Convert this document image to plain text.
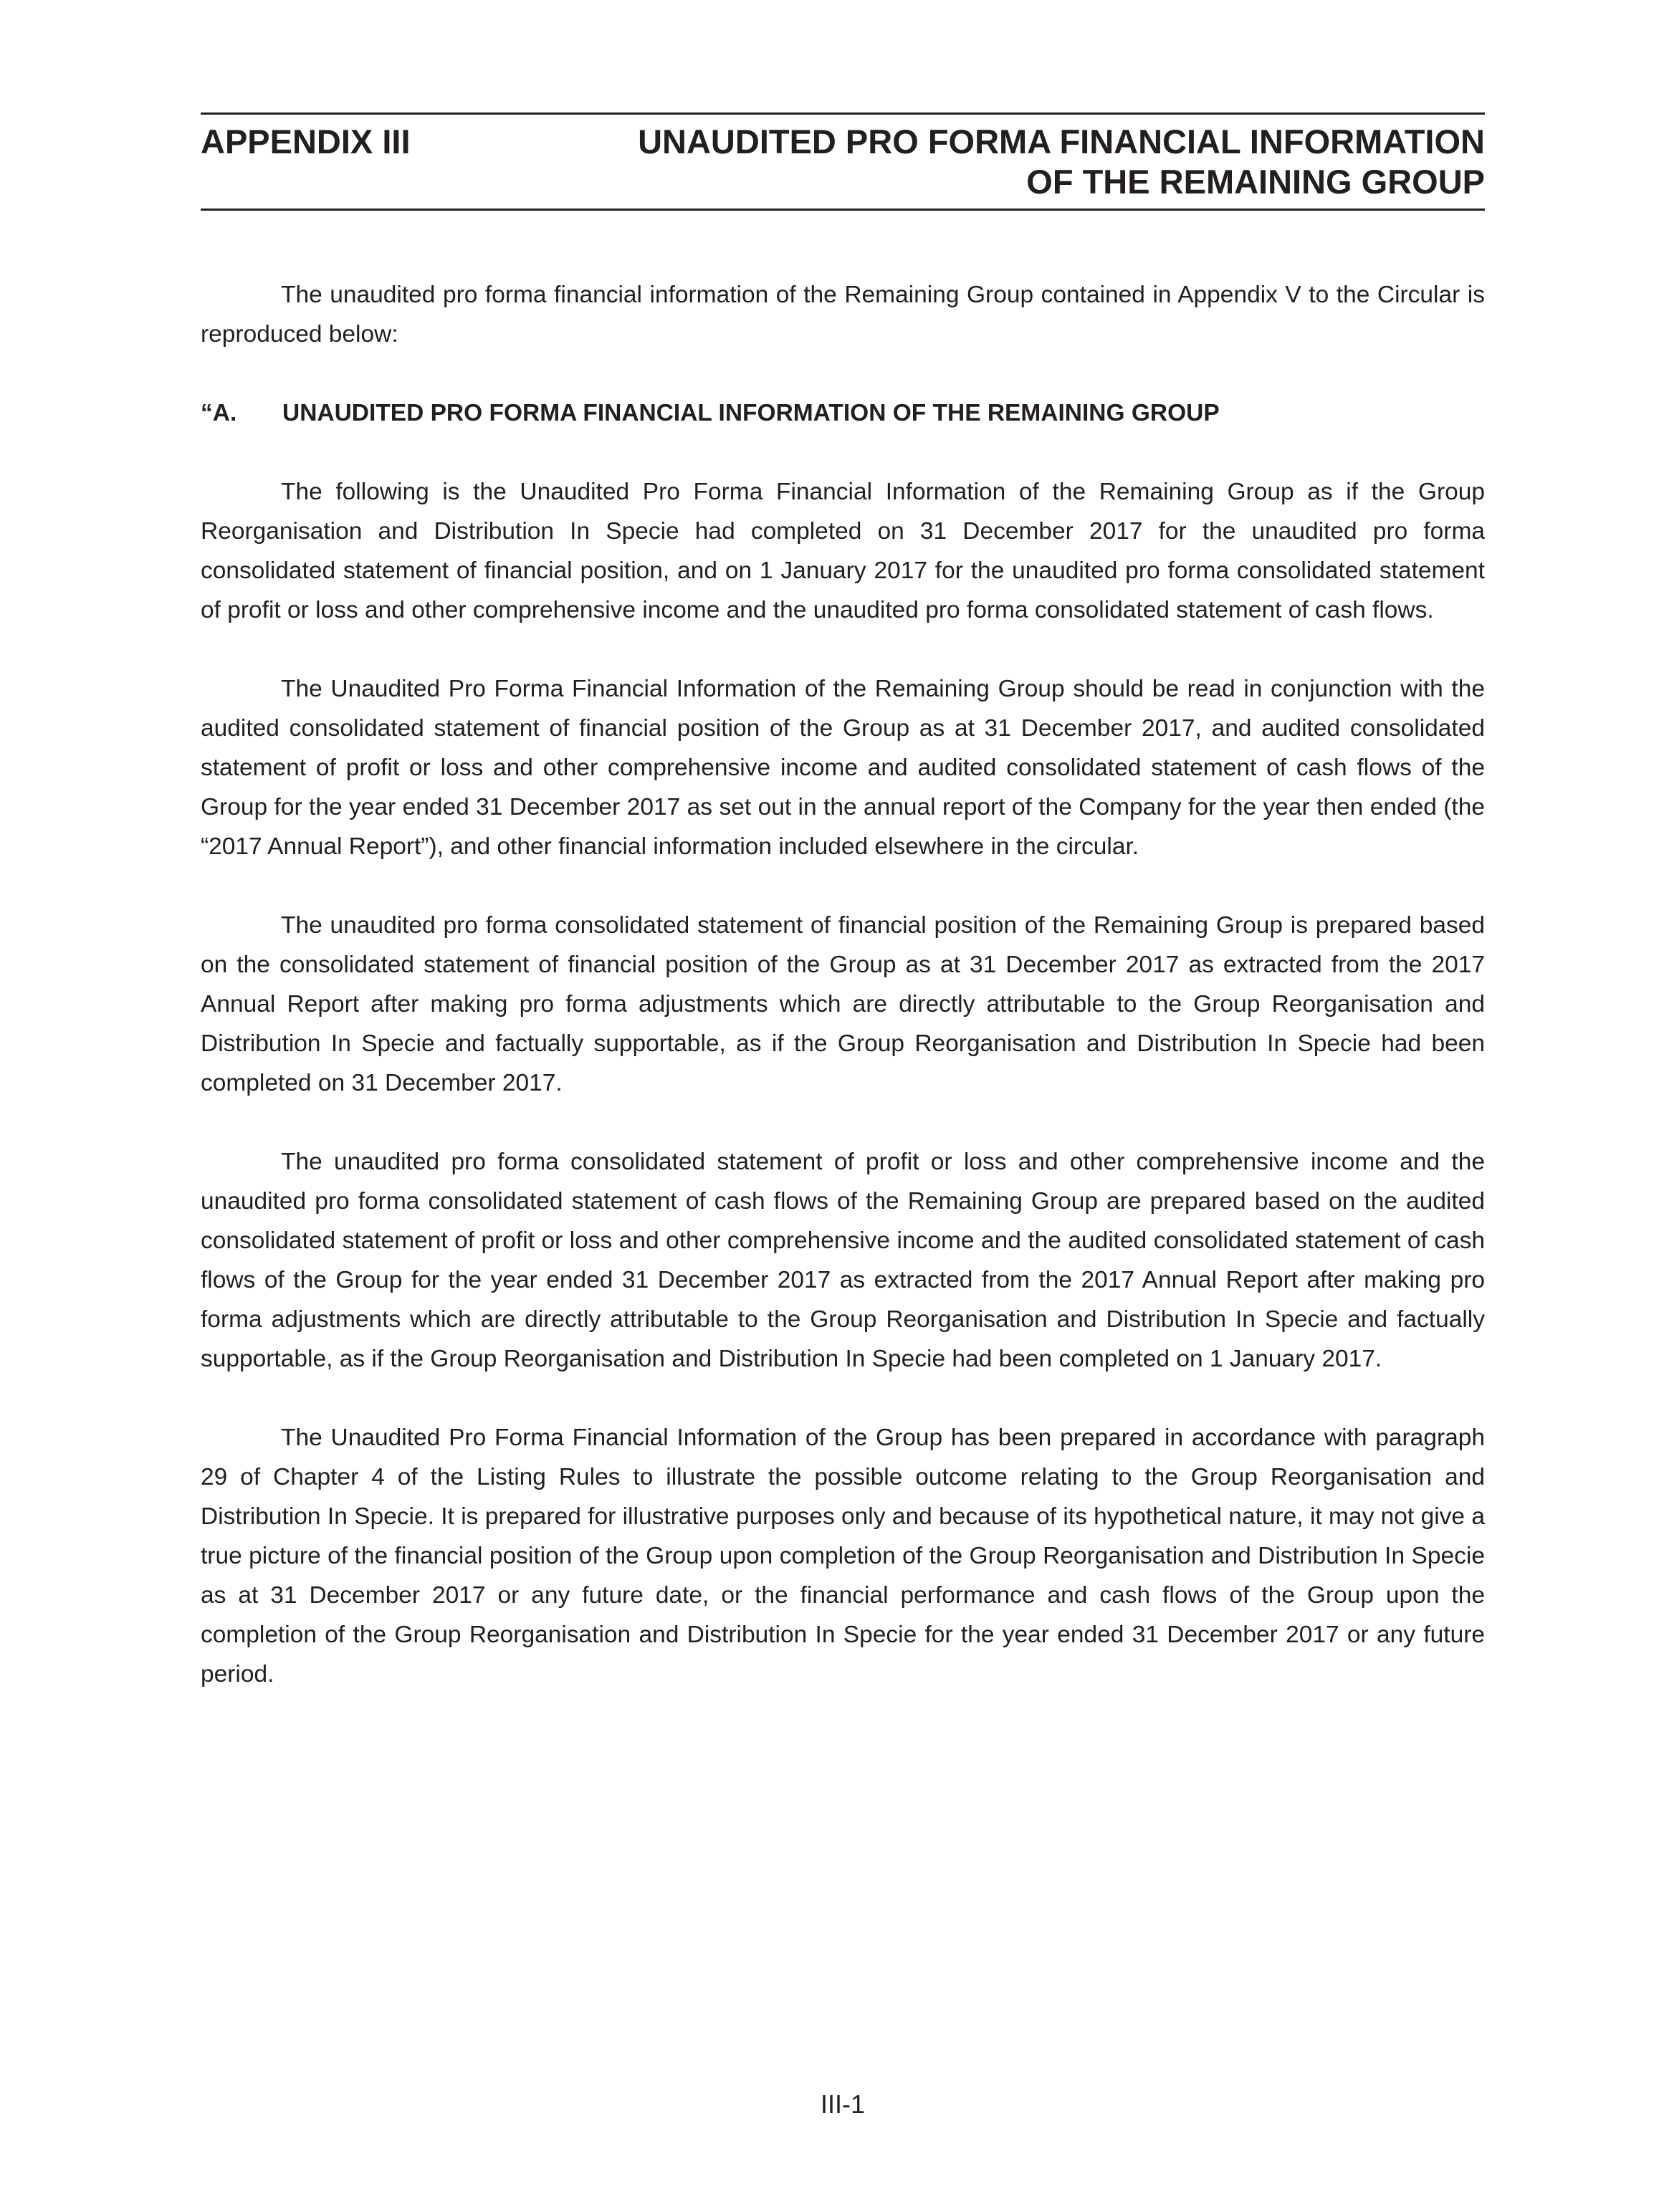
APPENDIX III	UNAUDITED PRO FORMA FINANCIAL INFORMATION
OF THE REMAINING GROUP

The unaudited pro forma financial information of the Remaining Group contained in Appendix V to the Circular is reproduced below:

“A.	UNAUDITED PRO FORMA FINANCIAL INFORMATION OF THE REMAINING GROUP

The following is the Unaudited Pro Forma Financial Information of the Remaining Group as if the Group Reorganisation and Distribution In Specie had completed on 31 December 2017 for the unaudited pro forma consolidated statement of financial position, and on 1 January 2017 for the unaudited pro forma consolidated statement of profit or loss and other comprehensive income and the unaudited pro forma consolidated statement of cash flows.

The Unaudited Pro Forma Financial Information of the Remaining Group should be read in conjunction with the audited consolidated statement of financial position of the Group as at 31 December 2017, and audited consolidated statement of profit or loss and other comprehensive income and audited consolidated statement of cash flows of the Group for the year ended 31 December 2017 as set out in the annual report of the Company for the year then ended (the “2017 Annual Report”), and other financial information included elsewhere in the circular.

The unaudited pro forma consolidated statement of financial position of the Remaining Group is prepared based on the consolidated statement of financial position of the Group as at 31 December 2017 as extracted from the 2017 Annual Report after making pro forma adjustments which are directly attributable to the Group Reorganisation and Distribution In Specie and factually supportable, as if the Group Reorganisation and Distribution In Specie had been completed on 31 December 2017.

The unaudited pro forma consolidated statement of profit or loss and other comprehensive income and the unaudited pro forma consolidated statement of cash flows of the Remaining Group are prepared based on the audited consolidated statement of profit or loss and other comprehensive income and the audited consolidated statement of cash flows of the Group for the year ended 31 December 2017 as extracted from the 2017 Annual Report after making pro forma adjustments which are directly attributable to the Group Reorganisation and Distribution In Specie and factually supportable, as if the Group Reorganisation and Distribution In Specie had been completed on 1 January 2017.

The Unaudited Pro Forma Financial Information of the Group has been prepared in accordance with paragraph 29 of Chapter 4 of the Listing Rules to illustrate the possible outcome relating to the Group Reorganisation and Distribution In Specie. It is prepared for illustrative purposes only and because of its hypothetical nature, it may not give a true picture of the financial position of the Group upon completion of the Group Reorganisation and Distribution In Specie as at 31 December 2017 or any future date, or the financial performance and cash flows of the Group upon the completion of the Group Reorganisation and Distribution In Specie for the year ended 31 December 2017 or any future period.

III-1
